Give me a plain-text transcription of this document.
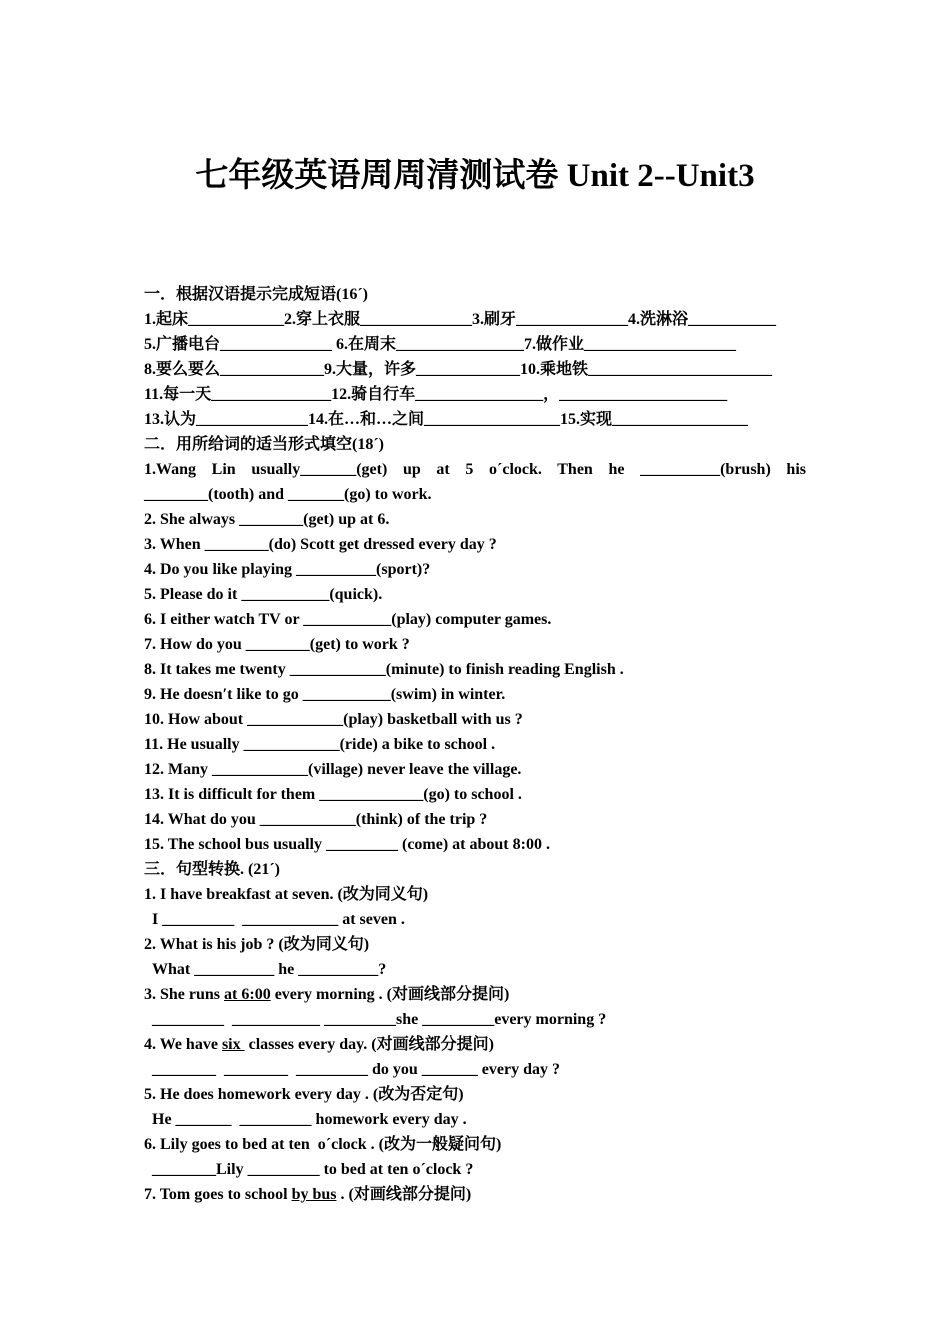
七年级英语周周清测试卷 Unit 2--Unit3
一．根据汉语提示完成短语(16´)
1.起床____________2.穿上衣服______________3.刷牙______________4.洗淋浴___________
5.广播电台______________ 6.在周末________________7.做作业___________________
8.要么要么_____________9.大量，许多_____________10.乘地铁_______________________
11.每一天_______________12.骑自行车________________，_____________________
13.认为______________14.在…和…之间_________________15.实现_________________
二．用所给词的适当形式填空(18´)
1.Wang Lin usually_______(get) up at 5 o´clock. Then he __________(brush) his
________(tooth) and _______(go) to work.
2. She always ________(get) up at 6.
3. When ________(do) Scott get dressed every day ?
4. Do you like playing __________(sport)?
5. Please do it ___________(quick).
6. I either watch TV or ___________(play) computer games.
7. How do you ________(get) to work ?
8. It takes me twenty ____________(minute) to finish reading English .
9. He doesn′t like to go ___________(swim) in winter.
10. How about ____________(play) basketball with us ?
11. He usually ____________(ride) a bike to school .
12. Many ____________(village) never leave the village.
13. It is difficult for them _____________(go) to school .
14. What do you ____________(think) of the trip ?
15. The school bus usually _________ (come) at about 8:00 .
三．句型转换. (21´)
1. I have breakfast at seven. (改为同义句)
I _________  ____________ at seven .
2. What is his job ? (改为同义句)
What __________ he __________?
3. She runs at 6:00 every morning . (对画线部分提问)
_________  ___________ _________she _________every morning ?
4. We have six  classes every day. (对画线部分提问)
________  ________  _________ do you _______ every day ?
5. He does homework every day . (改为否定句)
He _______  _________ homework every day .
6. Lily goes to bed at ten  o´clock . (改为一般疑问句)
________Lily _________ to bed at ten o´clock ?
7. Tom goes to school by bus . (对画线部分提问)
